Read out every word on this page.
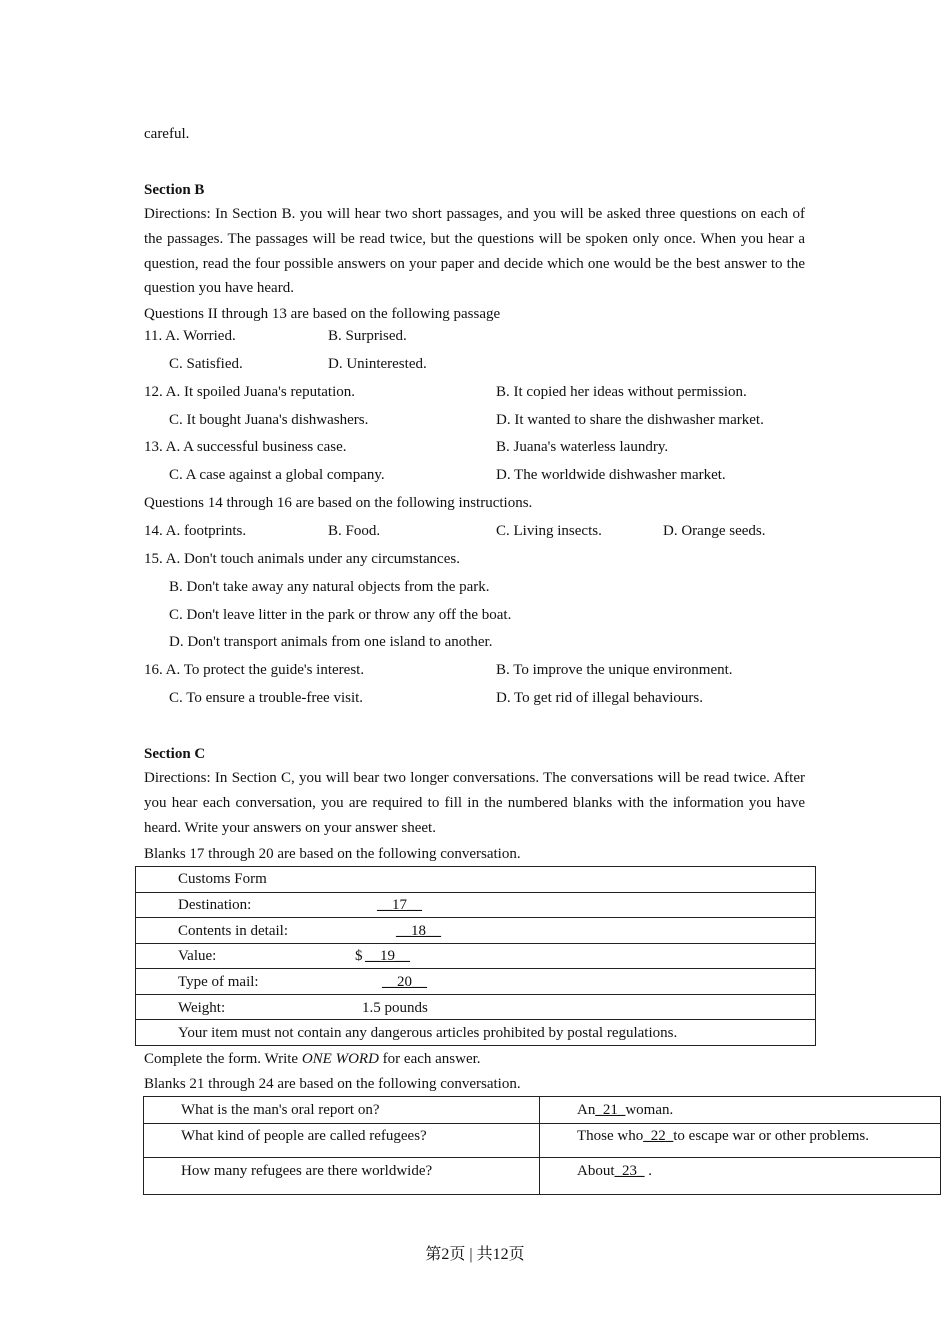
careful.
Section B
Directions: In Section B. you will hear two short passages, and you will be asked three questions on each of the passages. The passages will be read twice, but the questions will be spoken only once. When you hear a question, read the four possible answers on your paper and decide which one would be the best answer to the question you have heard.
Questions II through 13 are based on the following passage
11. A. Worried.	B. Surprised.
C. Satisfied.	D. Uninterested.
12. A. It spoiled Juana's reputation.	B. It copied her ideas without permission.
C. It bought Juana's dishwashers.	D. It wanted to share the dishwasher market.
13. A. A successful business case.	B. Juana's waterless laundry.
C. A case against a global company.	D. The worldwide dishwasher market.
Questions 14 through 16 are based on the following instructions.
14. A. footprints.	B. Food.	C. Living insects.	D. Orange seeds.
15. A. Don't touch animals under any circumstances.
B. Don't take away any natural objects from the park.
C. Don't leave litter in the park or throw any off the boat.
D. Don't transport animals from one island to another.
16. A. To protect the guide's interest.	B. To improve the unique environment.
C. To ensure a trouble-free visit.	D. To get rid of illegal behaviours.
Section C
Directions: In Section C, you will bear two longer conversations. The conversations will be read twice. After you hear each conversation, you are required to fill in the numbered blanks with the information you have heard. Write your answers on your answer sheet.
Blanks 17 through 20 are based on the following conversation.
Customs Form
Destination:	__17__
Contents in detail:	__18__
Value:	$ __19__
Type of mail:	__20__
Weight:	1.5 pounds
Your item must not contain any dangerous articles prohibited by postal regulations.
Complete the form. Write ONE WORD for each answer.
Blanks 21 through 24 are based on the following conversation.
What is the man's oral report on?	An_21_woman.
What kind of people are called refugees?	Those who_22_to escape war or other problems.
How many refugees are there worldwide?	About_23_ .
第2页 | 共12页
